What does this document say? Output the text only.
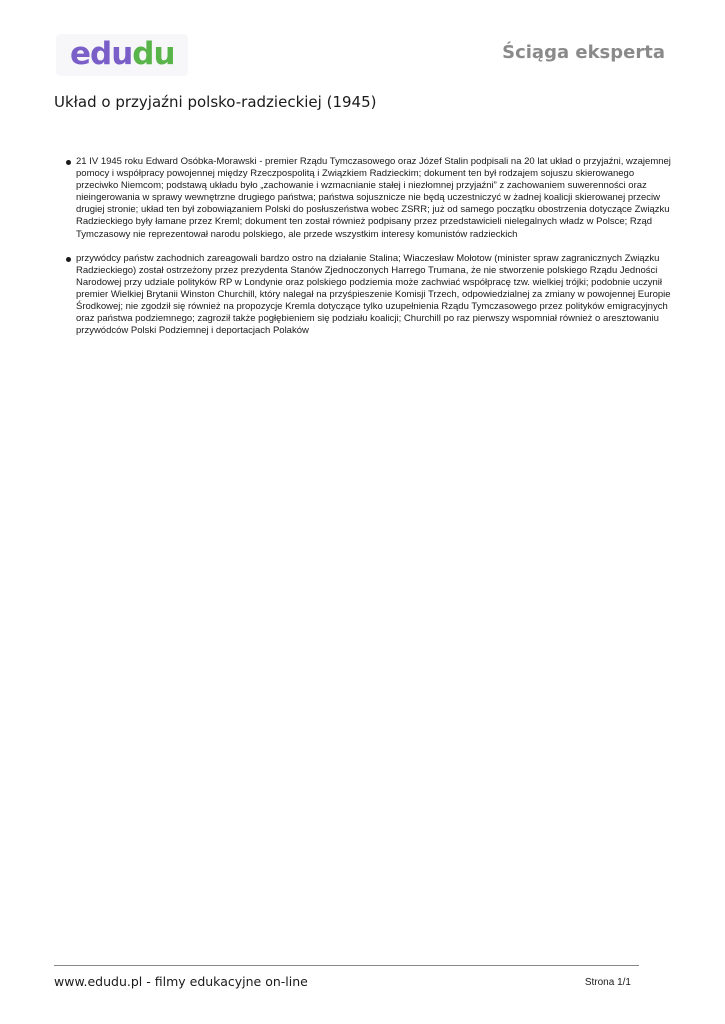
edudu	Ściąga eksperta
Układ o przyjaźni polsko-radzieckiej (1945)
21 IV 1945 roku Edward Osóbka-Morawski - premier Rządu Tymczasowego oraz Józef Stalin podpisali na 20 lat układ o przyjaźni, wzajemnej pomocy i współpracy powojennej między Rzeczpospolitą i Związkiem Radzieckim; dokument ten był rodzajem sojuszu skierowanego przeciwko Niemcom; podstawą układu było „zachowanie i wzmacnianie stałej i niezłomnej przyjaźni” z zachowaniem suwerenności oraz nieingerowania w sprawy wewnętrzne drugiego państwa; państwa sojusznicze nie będą uczestniczyć w żadnej koalicji skierowanej przeciw drugiej stronie; układ ten był zobowiązaniem Polski do posłuszeństwa wobec ZSRR; już od samego początku obostrzenia dotyczące Związku Radzieckiego były łamane przez Kreml; dokument ten został również podpisany przez przedstawicieli nielegalnych władz w Polsce; Rząd Tymczasowy nie reprezentował narodu polskiego, ale przede wszystkim interesy komunistów radzieckich
przywódcy państw zachodnich zareagowali bardzo ostro na działanie Stalina; Wiaczesław Mołotow (minister spraw zagranicznych Związku Radzieckiego) został ostrzeżony przez prezydenta Stanów Zjednoczonych Harrego Trumana, że nie stworzenie polskiego Rządu Jedności Narodowej przy udziale polityków RP w Londynie oraz polskiego podziemia może zachwiać współpracę tzw. wielkiej trójki; podobnie uczynił premier Wielkiej Brytanii Winston Churchill, który nalegał na przyśpieszenie Komisji Trzech, odpowiedzialnej za zmiany w powojennej Europie Środkowej; nie zgodził się również na propozycje Kremla dotyczące tylko uzupełnienia Rządu Tymczasowego przez polityków emigracyjnych oraz państwa podziemnego; zagroził także pogłębieniem się podziału koalicji; Churchill po raz pierwszy wspomniał również o aresztowaniu przywódców Polski Podziemnej i deportacjach Polaków
www.edudu.pl - filmy edukacyjne on-line	Strona 1/1
